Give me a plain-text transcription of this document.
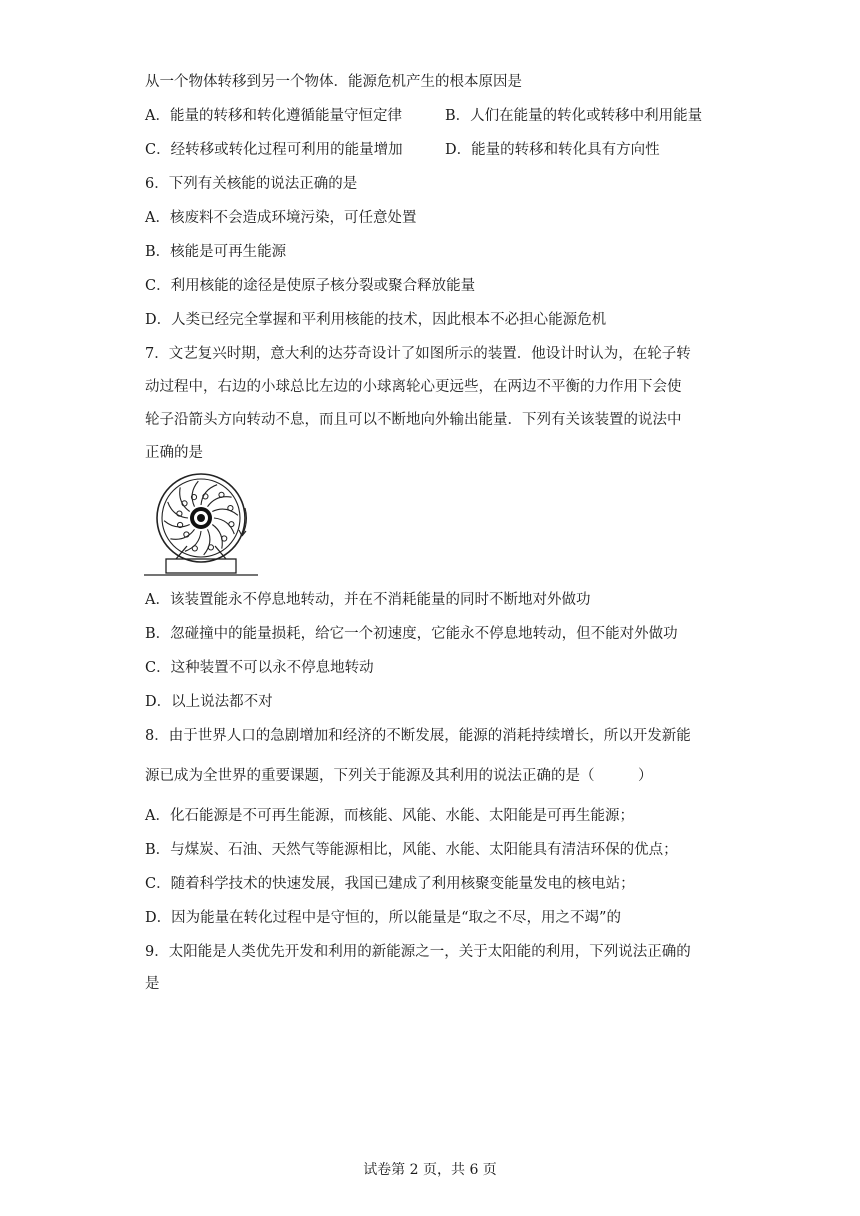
从一个物体转移到另一个物体．能源危机产生的根本原因是
A．能量的转移和转化遵循能量守恒定律	B．人们在能量的转化或转移中利用能量
C．经转移或转化过程可利用的能量增加	D．能量的转移和转化具有方向性
6．下列有关核能的说法正确的是
A．核废料不会造成环境污染，可任意处置
B．核能是可再生能源
C．利用核能的途径是使原子核分裂或聚合释放能量
D．人类已经完全掌握和平利用核能的技术，因此根本不必担心能源危机
7．文艺复兴时期，意大利的达芬奇设计了如图所示的装置．他设计时认为，在轮子转
动过程中，右边的小球总比左边的小球离轮心更远些，在两边不平衡的力作用下会使
轮子沿箭头方向转动不息，而且可以不断地向外输出能量．下列有关该装置的说法中
正确的是
A．该装置能永不停息地转动，并在不消耗能量的同时不断地对外做功
B．忽碰撞中的能量损耗，给它一个初速度，它能永不停息地转动，但不能对外做功
C．这种装置不可以永不停息地转动
D．以上说法都不对
8．由于世界人口的急剧增加和经济的不断发展，能源的消耗持续增长，所以开发新能
源已成为全世界的重要课题，下列关于能源及其利用的说法正确的是（　　　）
A．化石能源是不可再生能源，而核能、风能、水能、太阳能是可再生能源；
B．与煤炭、石油、天然气等能源相比，风能、水能、太阳能具有清洁环保的优点；
C．随着科学技术的快速发展，我国已建成了利用核聚变能量发电的核电站；
D．因为能量在转化过程中是守恒的，所以能量是“取之不尽，用之不竭”的
9．太阳能是人类优先开发和利用的新能源之一，关于太阳能的利用，下列说法正确的
是
试卷第 2 页，共 6 页
